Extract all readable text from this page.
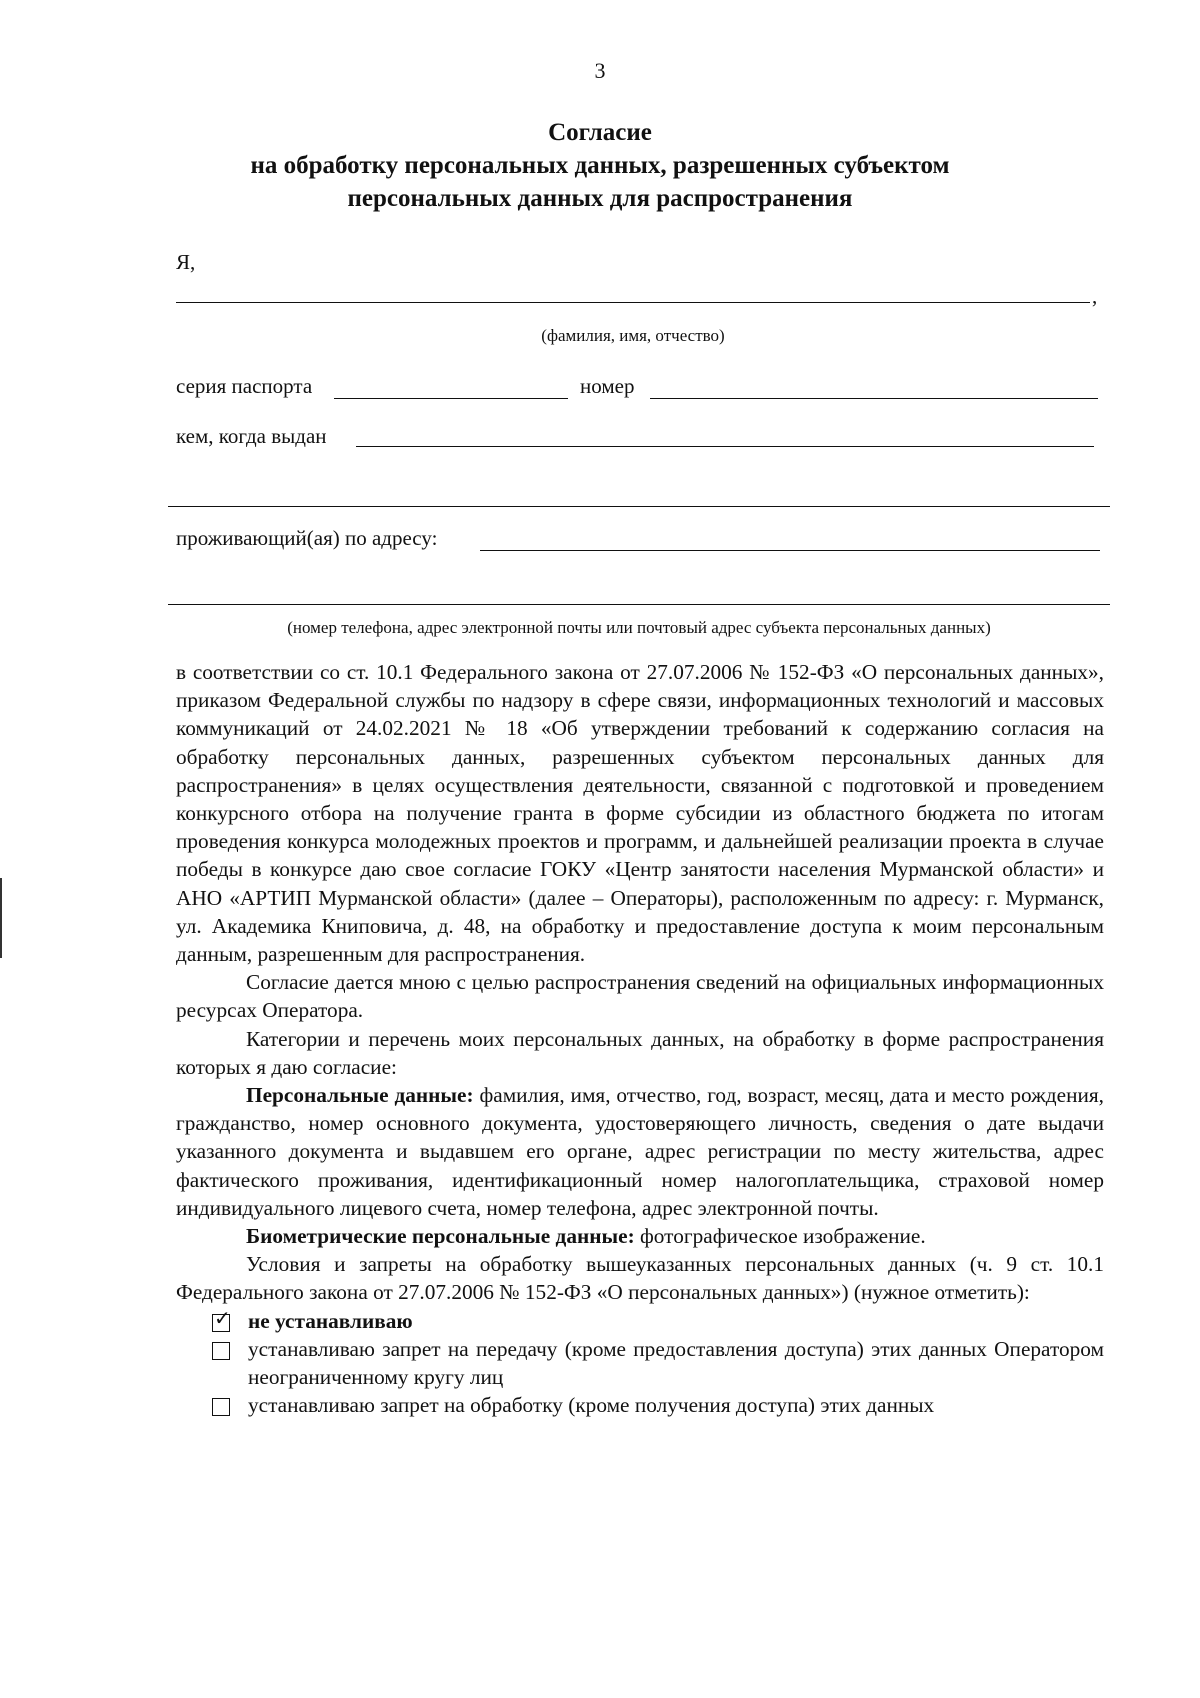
3
Согласие
на обработку персональных данных, разрешенных субъектом
персональных данных для распространения
Я,
,
(фамилия, имя, отчество)
серия паспорта	номер
кем, когда выдан
проживающий(ая) по адресу:
(номер телефона, адрес электронной почты или почтовый адрес субъекта персональных данных)

в соответствии со ст. 10.1 Федерального закона от 27.07.2006 № 152-ФЗ «О персональных данных», приказом Федеральной службы по надзору в сфере связи, информационных технологий и массовых коммуникаций от 24.02.2021 № 18 «Об утверждении требований к содержанию согласия на обработку персональных данных, разрешенных субъектом персональных данных для распространения» в целях осуществления деятельности, связанной с подготовкой и проведением конкурсного отбора на получение гранта в форме субсидии из областного бюджета по итогам проведения конкурса молодежных проектов и программ, и дальнейшей реализации проекта в случае победы в конкурсе даю свое согласие ГОКУ «Центр занятости населения Мурманской области» и АНО «АРТИП Мурманской области» (далее – Операторы), расположенным по адресу: г. Мурманск, ул. Академика Книповича, д. 48, на обработку и предоставление доступа к моим персональным данным, разрешенным для распространения.

Согласие дается мною с целью распространения сведений на официальных информационных ресурсах Оператора.

Категории и перечень моих персональных данных, на обработку в форме распространения которых я даю согласие:

Персональные данные: фамилия, имя, отчество, год, возраст, месяц, дата и место рождения, гражданство, номер основного документа, удостоверяющего личность, сведения о дате выдачи указанного документа и выдавшем его органе, адрес регистрации по месту жительства, адрес фактического проживания, идентификационный номер налогоплательщика, страховой номер индивидуального лицевого счета, номер телефона, адрес электронной почты.

Биометрические персональные данные: фотографическое изображение.

Условия и запреты на обработку вышеуказанных персональных данных (ч. 9 ст. 10.1 Федерального закона от 27.07.2006 № 152-ФЗ «О персональных данных») (нужное отметить):

✓ не устанавливаю
устанавливаю запрет на передачу (кроме предоставления доступа) этих данных Оператором неограниченному кругу лиц
устанавливаю запрет на обработку (кроме получения доступа) этих данных
